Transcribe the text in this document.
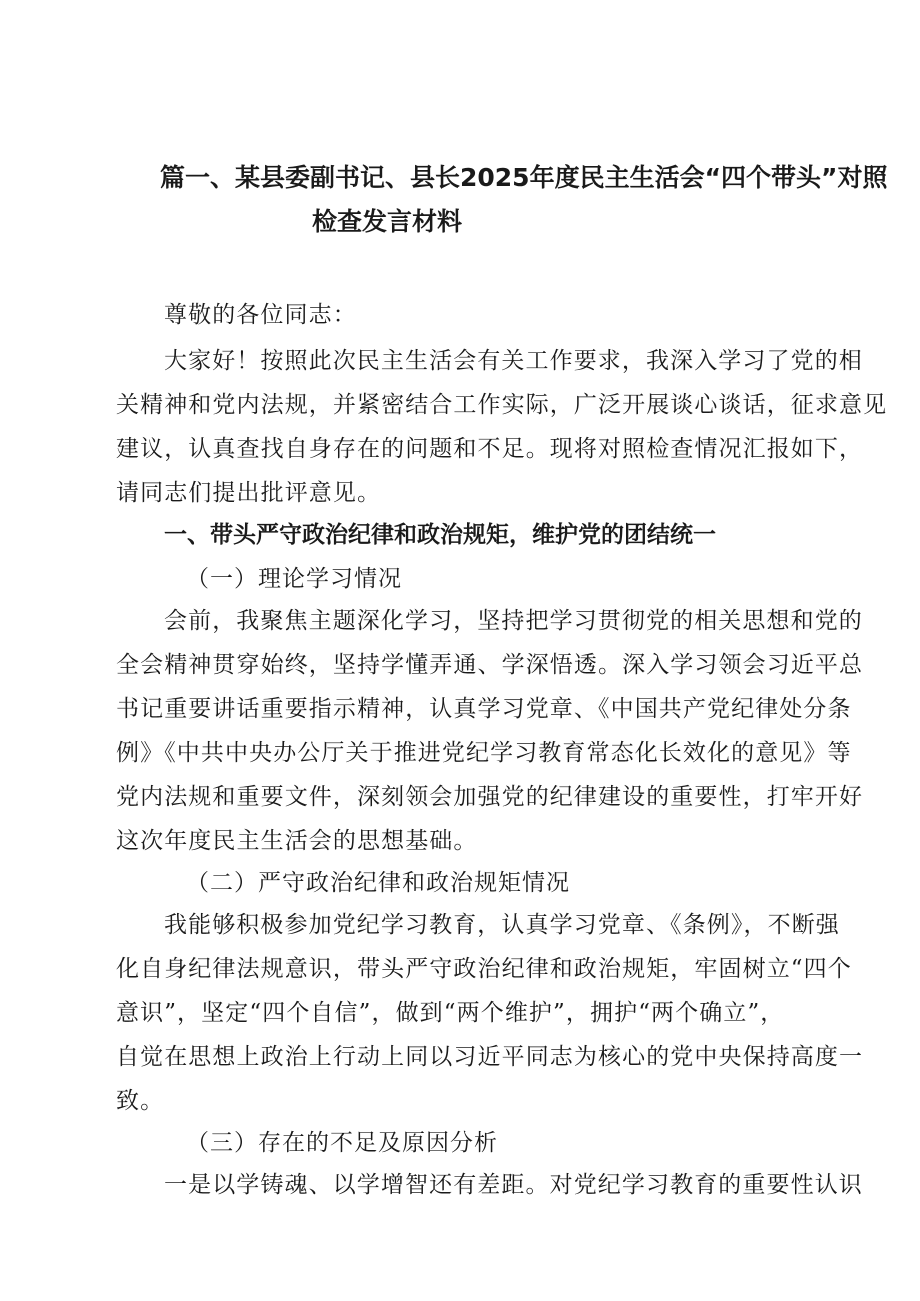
篇一、某县委副书记、县长2025年度民主生活会“四个带头”对照
检查发言材料
尊敬的各位同志：
大家好！按照此次民主生活会有关工作要求，我深入学习了党的相
关精神和党内法规，并紧密结合工作实际，广泛开展谈心谈话，征求意见
建议，认真查找自身存在的问题和不足。现将对照检查情况汇报如下，
请同志们提出批评意见。
一、带头严守政治纪律和政治规矩，维护党的团结统一
（一）理论学习情况
会前，我聚焦主题深化学习，坚持把学习贯彻党的相关思想和党的
全会精神贯穿始终，坚持学懂弄通、学深悟透。深入学习领会习近平总
书记重要讲话重要指示精神，认真学习党章、《中国共产党纪律处分条
例》《中共中央办公厅关于推进党纪学习教育常态化长效化的意见》等
党内法规和重要文件，深刻领会加强党的纪律建设的重要性，打牢开好
这次年度民主生活会的思想基础。
（二）严守政治纪律和政治规矩情况
我能够积极参加党纪学习教育，认真学习党章、《条例》，不断强
化自身纪律法规意识，带头严守政治纪律和政治规矩，牢固树立“四个
意识”，坚定“四个自信”，做到“两个维护”，拥护“两个确立”，
自觉在思想上政治上行动上同以习近平同志为核心的党中央保持高度一
致。
（三）存在的不足及原因分析
一是以学铸魂、以学增智还有差距。对党纪学习教育的重要性认识
